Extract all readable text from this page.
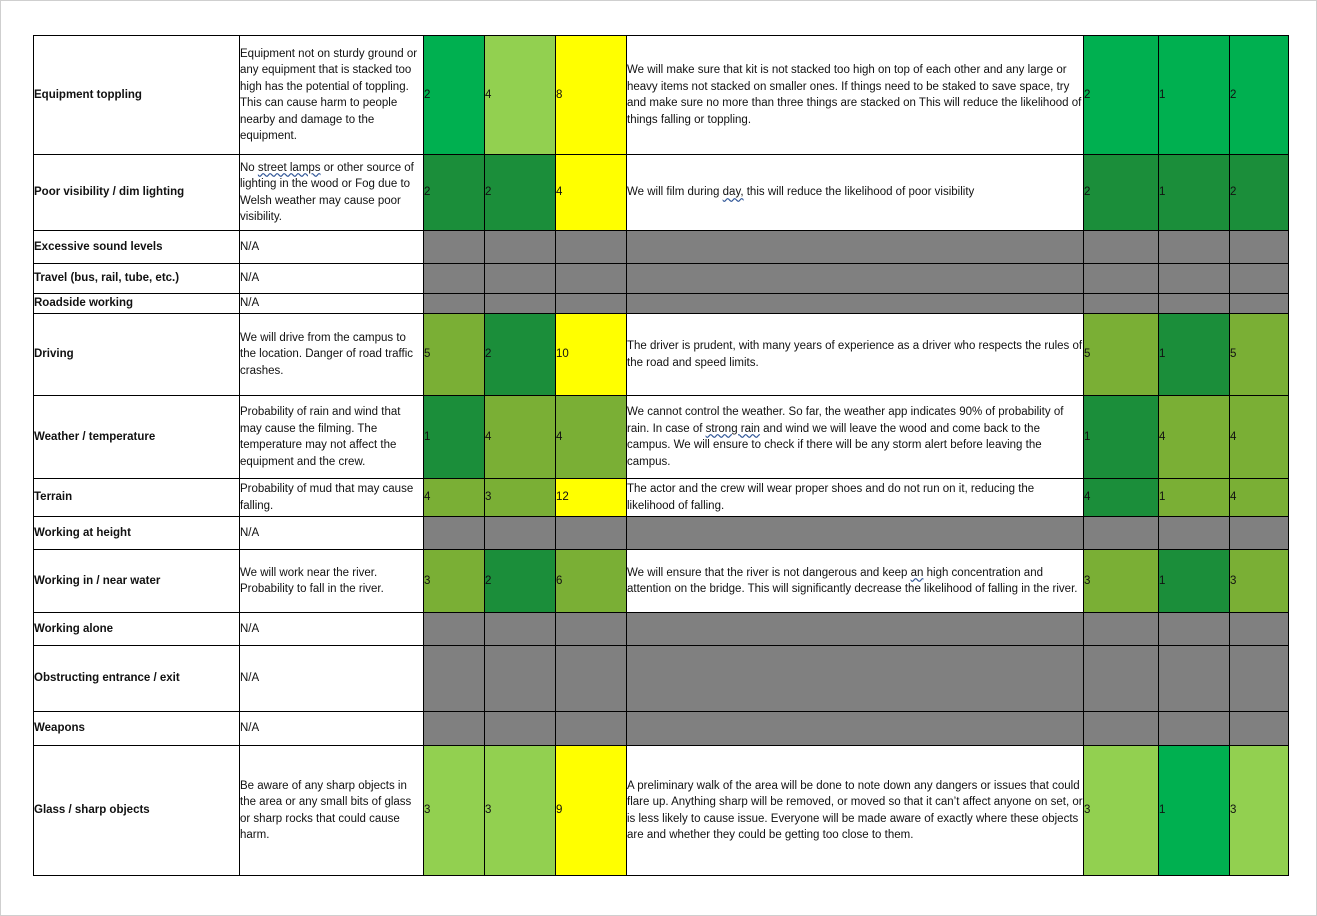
Equipment toppling	Equipment not on sturdy ground or any equipment that is stacked too high has the potential of toppling. This can cause harm to people nearby and damage to the equipment.	2	4	8	We will make sure that kit is not stacked too high on top of each other and any large or heavy items not stacked on smaller ones. If things need to be staked to save space, try and make sure no more than three things are stacked on This will reduce the likelihood of things falling or toppling.	2	1	2
Poor visibility / dim lighting	No street lamps or other source of lighting in the wood or Fog due to Welsh weather may cause poor visibility.	2	2	4	We will film during day, this will reduce the likelihood of poor visibility	2	1	2
Excessive sound levels	N/A							
Travel (bus, rail, tube, etc.)	N/A							
Roadside working	N/A							
Driving	We will drive from the campus to the location. Danger of road traffic crashes.	5	2	10	The driver is prudent, with many years of experience as a driver who respects the rules of the road and speed limits.	5	1	5
Weather / temperature	Probability of rain and wind that may cause the filming. The temperature may not affect the equipment and the crew.	1	4	4	We cannot control the weather. So far, the weather app indicates 90% of probability of rain. In case of strong rain and wind we will leave the wood and come back to the campus. We will ensure to check if there will be any storm alert before leaving the campus.	1	4	4
Terrain	Probability of mud that may cause falling.	4	3	12	The actor and the crew will wear proper shoes and do not run on it, reducing the likelihood of falling.	4	1	4
Working at height	N/A							
Working in / near water	We will work near the river. Probability to fall in the river.	3	2	6	We will ensure that the river is not dangerous and keep an high concentration and attention on the bridge. This will significantly decrease the likelihood of falling in the river.	3	1	3
Working alone	N/A							
Obstructing entrance / exit	N/A							
Weapons	N/A							
Glass / sharp objects	Be aware of any sharp objects in the area or any small bits of glass or sharp rocks that could cause harm.	3	3	9	A preliminary walk of the area will be done to note down any dangers or issues that could flare up. Anything sharp will be removed, or moved so that it can’t affect anyone on set, or is less likely to cause issue. Everyone will be made aware of exactly where these objects are and whether they could be getting too close to them.	3	1	3
